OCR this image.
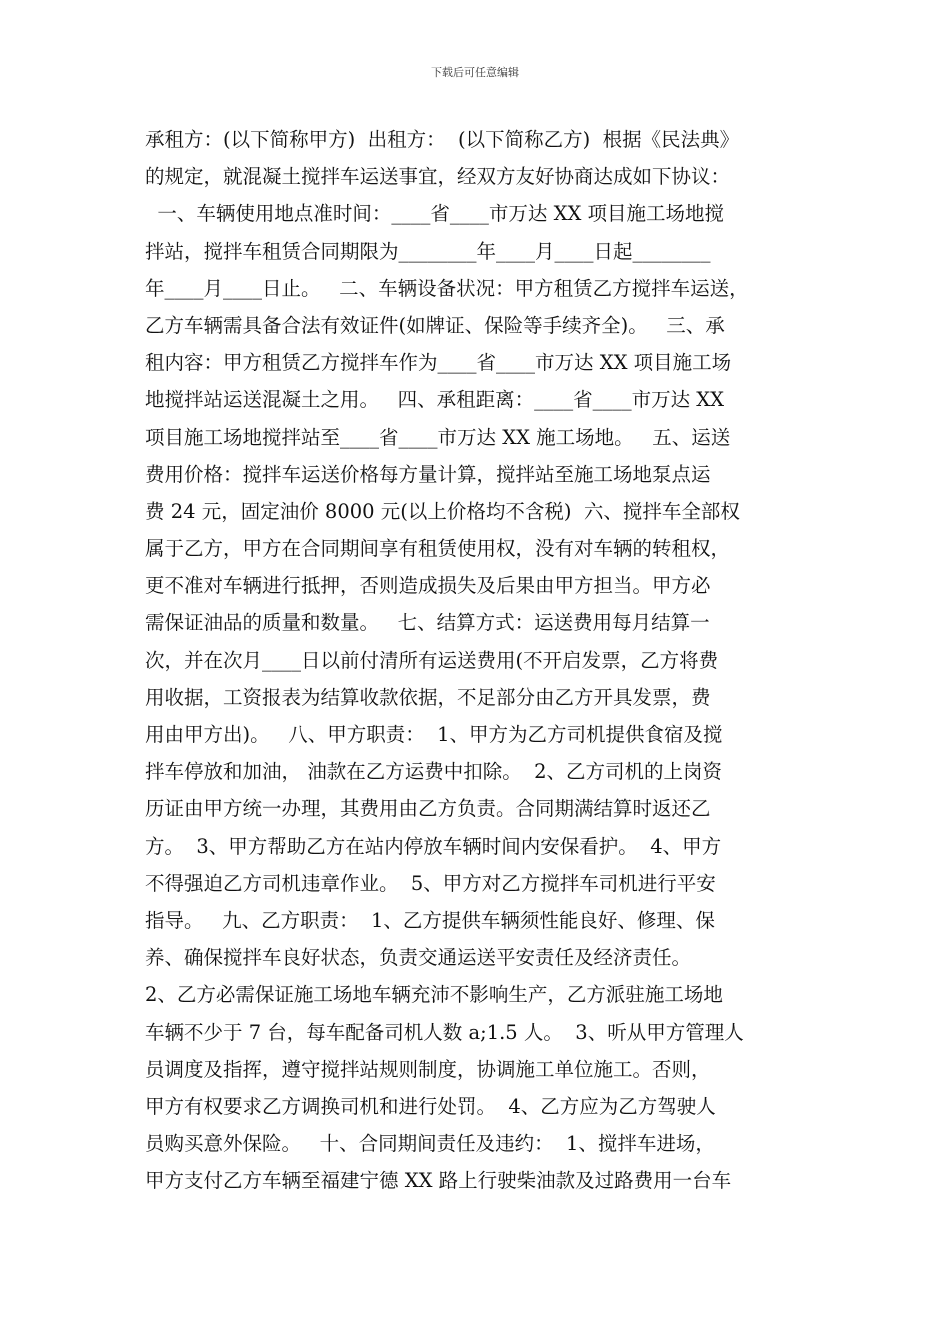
下载后可任意编辑
承租方：(以下简称甲方)  出租方：  (以下简称乙方)  根据《民法典》
的规定，就混凝土搅拌车运送事宜，经双方友好协商达成如下协议：
一、车辆使用地点准时间：____省____市万达 XX 项目施工场地搅
拌站，搅拌车租赁合同期限为________年____月____日起________
年____月____日止。   二、车辆设备状况：甲方租赁乙方搅拌车运送，
乙方车辆需具备合法有效证件(如牌证、保险等手续齐全)。   三、承
租内容：甲方租赁乙方搅拌车作为____省____市万达 XX 项目施工场
地搅拌站运送混凝土之用。   四、承租距离：____省____市万达 XX
项目施工场地搅拌站至____省____市万达 XX 施工场地。   五、运送
费用价格：搅拌车运送价格每方量计算，搅拌站至施工场地泵点运
费 24 元，固定油价 8000 元(以上价格均不含税)  六、搅拌车全部权
属于乙方，甲方在合同期间享有租赁使用权，没有对车辆的转租权，
更不准对车辆进行抵押，否则造成损失及后果由甲方担当。甲方必
需保证油品的质量和数量。   七、结算方式：运送费用每月结算一
次，并在次月____日以前付清所有运送费用(不开启发票，乙方将费
用收据，工资报表为结算收款依据，不足部分由乙方开具发票，费
用由甲方出)。   八、甲方职责：  1、甲方为乙方司机提供食宿及搅
拌车停放和加油， 油款在乙方运费中扣除。  2、乙方司机的上岗资
历证由甲方统一办理，其费用由乙方负责。合同期满结算时返还乙
方。  3、甲方帮助乙方在站内停放车辆时间内安保看护。  4、甲方
不得强迫乙方司机违章作业。  5、甲方对乙方搅拌车司机进行平安
指导。   九、乙方职责：  1、乙方提供车辆须性能良好、修理、保
养、确保搅拌车良好状态，负责交通运送平安责任及经济责任。
2、乙方必需保证施工场地车辆充沛不影响生产，乙方派驻施工场地
车辆不少于 7 台，每车配备司机人数 a;1.5 人。  3、听从甲方管理人
员调度及指挥，遵守搅拌站规则制度，协调施工单位施工。否则，
甲方有权要求乙方调换司机和进行处罚。  4、乙方应为乙方驾驶人
员购买意外保险。   十、合同期间责任及违约：  1、搅拌车进场，
甲方支付乙方车辆至福建宁德 XX 路上行驶柴油款及过路费用一台车
